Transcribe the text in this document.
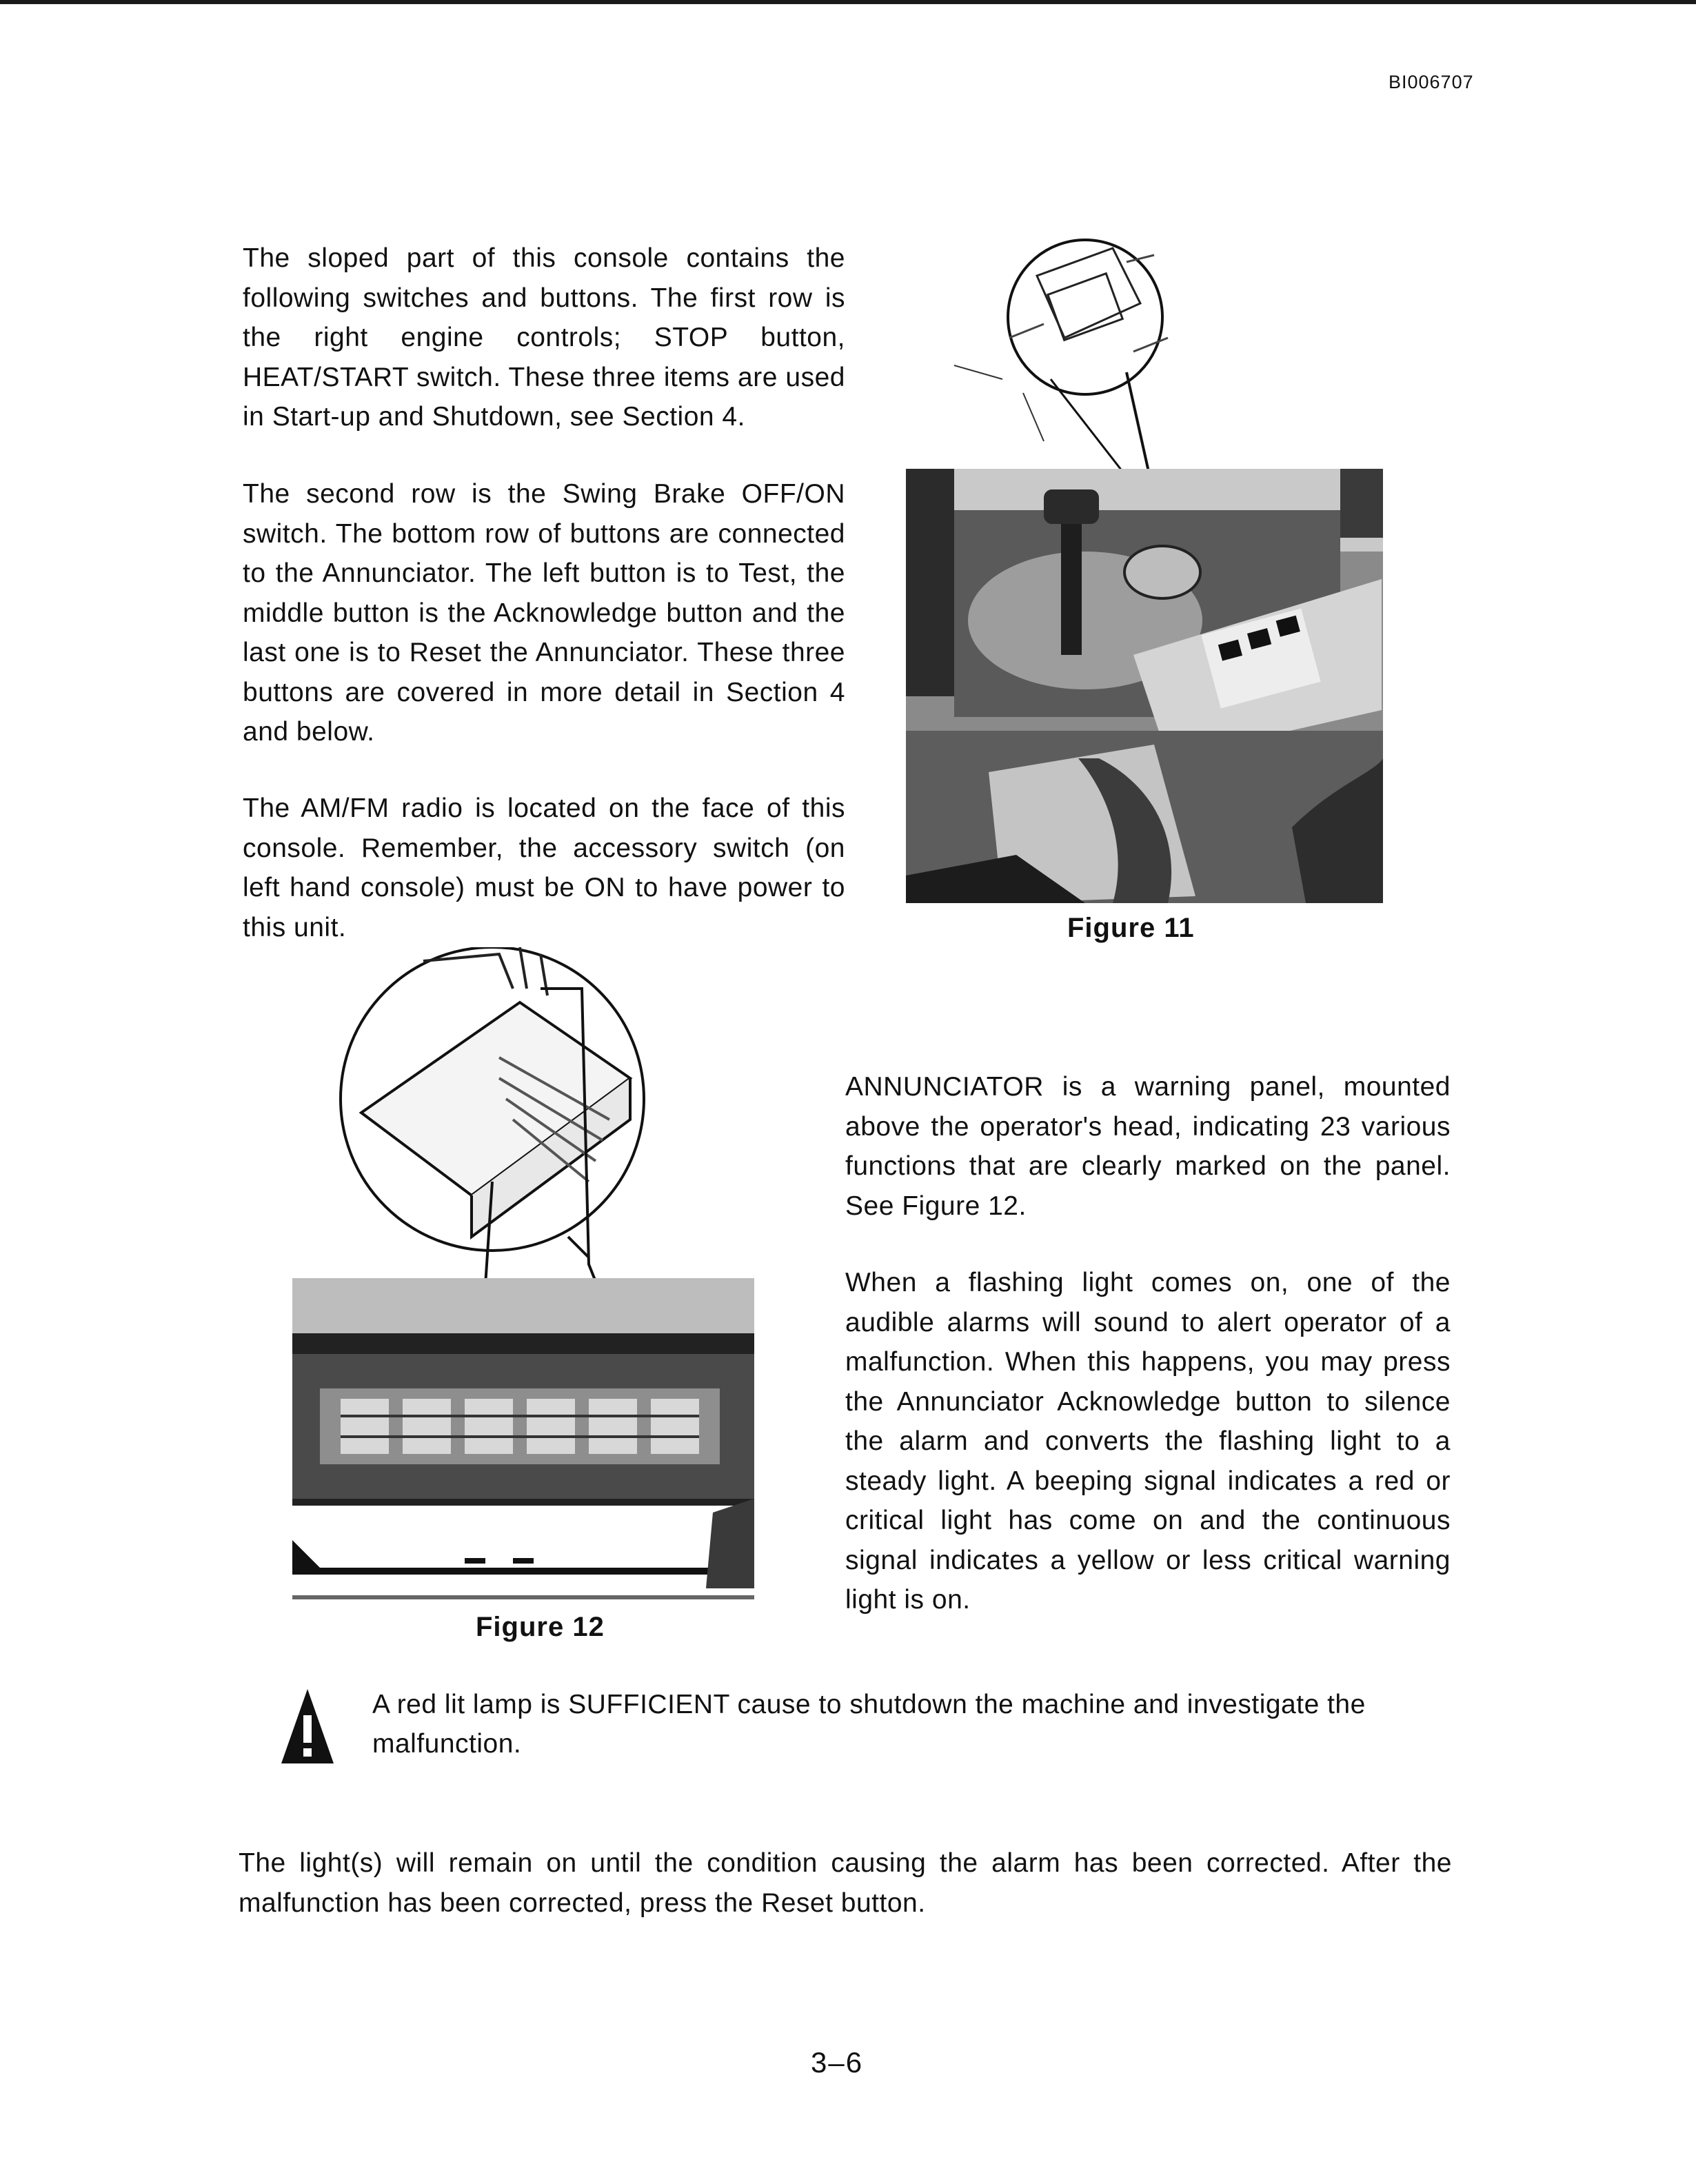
BI006707

The sloped part of this console contains the following switches and buttons. The first row is the right engine controls; STOP button, HEAT/START switch. These three items are used in Start-up and Shutdown, see Section 4.

The second row is the Swing Brake OFF/ON switch. The bottom row of buttons are connected to the Annunciator. The left button is to Test, the middle button is the Acknowledge button and the last one is to Reset the Annunciator. These three buttons are covered in more detail in Section 4 and below.

The AM/FM radio is located on the face of this console. Remember, the accessory switch (on left hand console) must be ON to have power to this unit.	Figure 11
Figure 12

ANNUNCIATOR is a warning panel, mounted above the operator's head, indicating 23 various functions that are clearly marked on the panel. See Figure 12.

When a flashing light comes on, one of the audible alarms will sound to alert operator of a malfunction. When this happens, you may press the Annunciator Acknowledge button to silence the alarm and converts the flashing light to a steady light. A beeping signal indicates a red or critical light has come on and the continuous signal indicates a yellow or less critical warning light is on.

A red lit lamp is SUFFICIENT cause to shutdown the machine and investigate the malfunction.

The light(s) will remain on until the condition causing the alarm has been corrected. After the malfunction has been corrected, press the Reset button.

3–6
